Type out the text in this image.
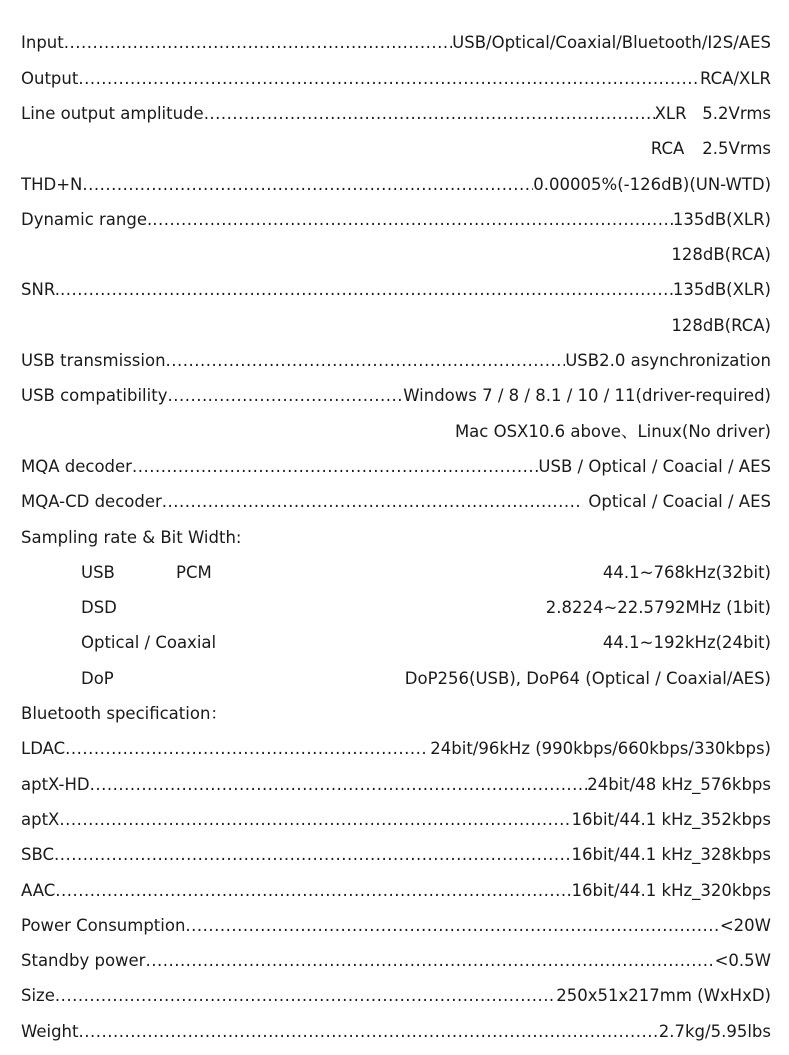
Input .....	USB/Optical/Coaxial/Bluetooth/I2S/AES
Output .....	RCA/XLR
Line output amplitude .....	XLR   5.2Vrms
RCA 2.5Vrms
THD+N .....	0.00005%(-126dB)(UN-WTD)
Dynamic range. .....	135dB(XLR)
128dB(RCA)
SNR. .....	135dB(XLR)
128dB(RCA)
USB transmission .....	USB2.0 asynchronization
USB compatibility .....	Windows 7 / 8 / 8.1 / 10 / 11(driver-required)
Mac OSX10.6 above、Linux(No driver)
MQA decoder .....	USB / Optical / Coacial / AES
MQA-CD decoder .....	Optical / Coacial / AES
Sampling rate & Bit Width:
USB	PCM	44.1~768kHz(32bit)
DSD	2.8224~22.5792MHz (1bit)
Optical / Coaxial	44.1~192kHz(24bit)
DoP	DoP256(USB), DoP64 (Optical / Coaxial/AES)
Bluetooth specification：
LDAC .....	24bit/96kHz (990kbps/660kbps/330kbps)
aptX-HD .....	24bit/48 kHz_576kbps
aptX .....	16bit/44.1 kHz_352kbps
SBC .....	16bit/44.1 kHz_328kbps
AAC .....	16bit/44.1 kHz_320kbps
Power Consumption .....	<20W
Standby power .....	<0.5W
Size .....	250x51x217mm (WxHxD)
Weight .....	2.7kg/5.95lbs
